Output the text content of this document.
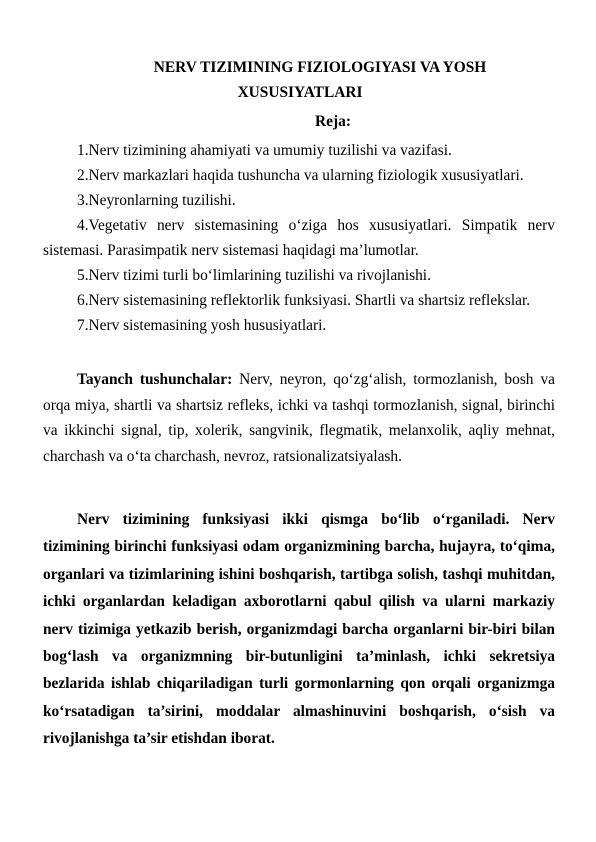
NERV TIZIMINING FIZIOLOGIYASI VA YOSH
XUSUSIYATLARI
Reja:
1.Nerv tizimining ahamiyati va umumiy tuzilishi va vazifasi.
2.Nerv markazlari haqida tushuncha va ularning fiziologik xususiyatlari.
3.Neyronlarning tuzilishi.
4.Vegetativ nerv sistemasining o‘ziga hos xususiyatlari. Simpatik nerv sistemasi. Parasimpatik nerv sistemasi haqidagi ma’lumotlar.
5.Nerv tizimi turli bo‘limlarining tuzilishi va rivojlanishi.
6.Nerv sistemasining reflektorlik funksiyasi. Shartli va shartsiz reflekslar.
7.Nerv sistemasining yosh hususiyatlari.
Tayanch tushunchalar: Nerv, neyron, qo‘zg‘alish, tormozlanish, bosh va orqa miya, shartli va shartsiz refleks, ichki va tashqi tormozlanish, signal, birinchi va ikkinchi signal, tip, xolerik, sangvinik, flegmatik, melanxolik, aqliy mehnat, charchash va o‘ta charchash, nevroz, ratsionalizatsiyalash.
Nerv tizimining funksiyasi ikki qismga bo‘lib o‘rganiladi. Nerv tizimining birinchi funksiyasi odam organizmining barcha, hujayra, to‘qima, organlari va tizimlarining ishini boshqarish, tartibga solish, tashqi muhitdan, ichki organlardan keladigan axborotlarni qabul qilish va ularni markaziy nerv tizimiga yetkazib berish, organizmdagi barcha organlarni bir-biri bilan bog‘lash va organizmning bir-butunligini ta’minlash, ichki sekretsiya bezlarida ishlab chiqariladigan turli gormonlarning qon orqali organizmga ko‘rsatadigan ta’sirini, moddalar almashinuvini boshqarish, o‘sish va rivojlanishga ta’sir etishdan iborat.
